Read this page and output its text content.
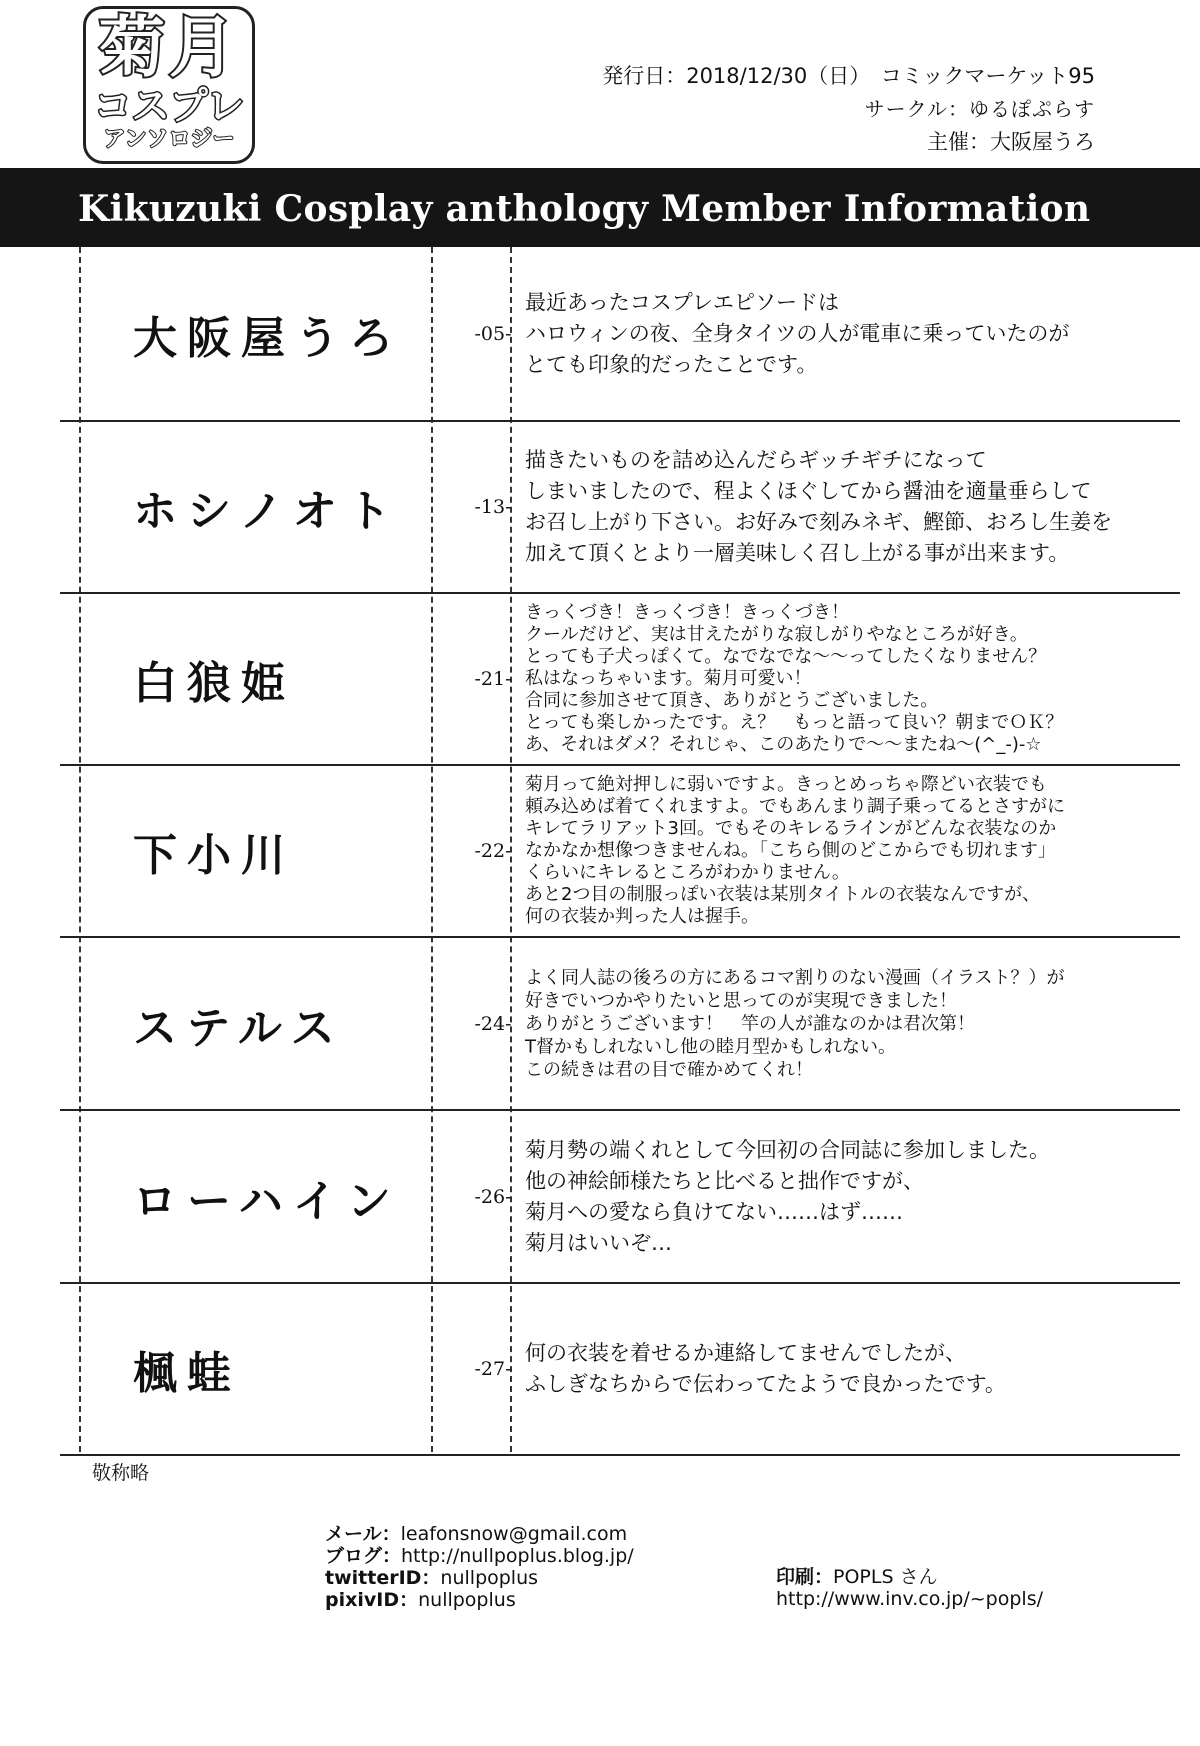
菊月
コスプレ
アンソロジー
発行日：2018/12/30（日）　コミックマーケット95
サークル：ゆるぽぷらす
主催：大阪屋うろ
Kikuzuki Cosplay anthology Member Information
大阪屋うろ	-05-
最近あったコスプレエピソードは
ハロウィンの夜、全身タイツの人が電車に乗っていたのが
とても印象的だったことです。
ホシノオト	-13-
描きたいものを詰め込んだらギッチギチになって
しまいましたので、程よくほぐしてから醤油を適量垂らして
お召し上がり下さい。お好みで刻みネギ、鰹節、おろし生姜を
加えて頂くとより一層美味しく召し上がる事が出来ます。
白狼姫	-21-
きっくづき！きっくづき！きっくづき！
クールだけど、実は甘えたがりな寂しがりやなところが好き。
とっても子犬っぽくて。なでなでな〜〜ってしたくなりません？
私はなっちゃいます。菊月可愛い！
合同に参加させて頂き、ありがとうございました。
とっても楽しかったです。え？　もっと語って良い？朝までＯＫ？
あ、それはダメ？それじゃ、このあたりで〜〜またね〜(^_-)-☆
下小川	-22-
菊月って絶対押しに弱いですよ。きっとめっちゃ際どい衣装でも
頼み込めば着てくれますよ。でもあんまり調子乗ってるとさすがに
キレてラリアット3回。でもそのキレるラインがどんな衣装なのか
なかなか想像つきませんね。「こちら側のどこからでも切れます」
くらいにキレるところがわかりません。
あと2つ目の制服っぽい衣装は某別タイトルの衣装なんですが、
何の衣装か判った人は握手。
ステルス	-24-
よく同人誌の後ろの方にあるコマ割りのない漫画（イラスト？）が
好きでいつかやりたいと思ってのが実現できました！
ありがとうございます！　竿の人が誰なのかは君次第！
T督かもしれないし他の睦月型かもしれない。
この続きは君の目で確かめてくれ！
ローハイン	-26-
菊月勢の端くれとして今回初の合同誌に参加しました。
他の神絵師様たちと比べると拙作ですが、
菊月への愛なら負けてない……はず……
菊月はいいぞ…
楓蛙	-27-
何の衣装を着せるか連絡してませんでしたが、
ふしぎなちからで伝わってたようで良かったです。
敬称略
メール：leafonsnow@gmail.com
ブログ：http://nullpoplus.blog.jp/
twitterID：nullpoplus
pixivID：nullpoplus
印刷：POPLS さん
http://www.inv.co.jp/~popls/
